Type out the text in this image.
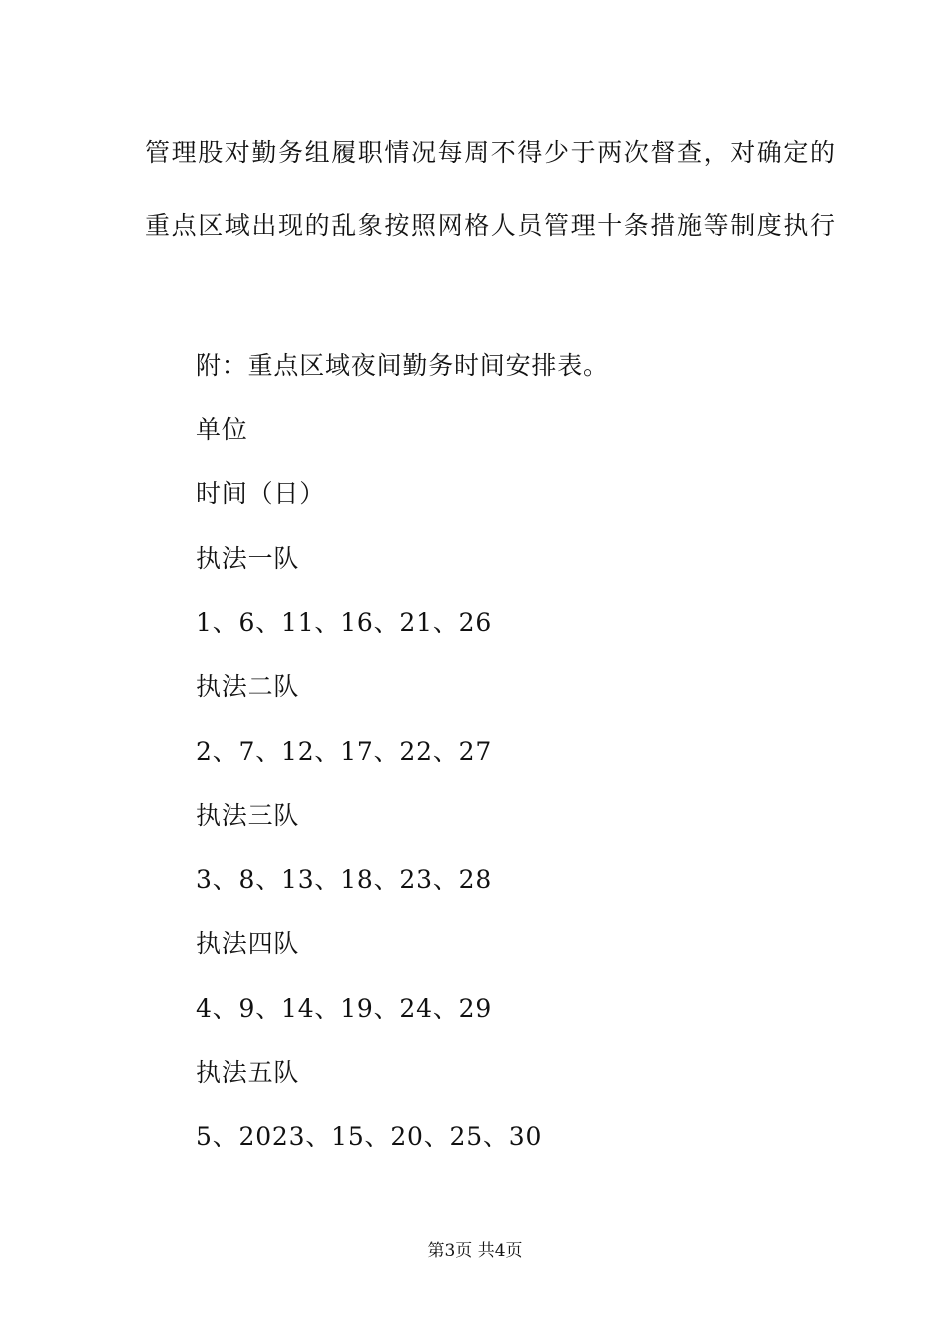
管理股对勤务组履职情况每周不得少于两次督查，对确定的
重点区域出现的乱象按照网格人员管理十条措施等制度执行
附：重点区域夜间勤务时间安排表。
单位
时间（日）
执法一队
1、6、11、16、21、26
执法二队
2、7、12、17、22、27
执法三队
3、8、13、18、23、28
执法四队
4、9、14、19、24、29
执法五队
5、2023、15、20、25、30
第3页 共4页
